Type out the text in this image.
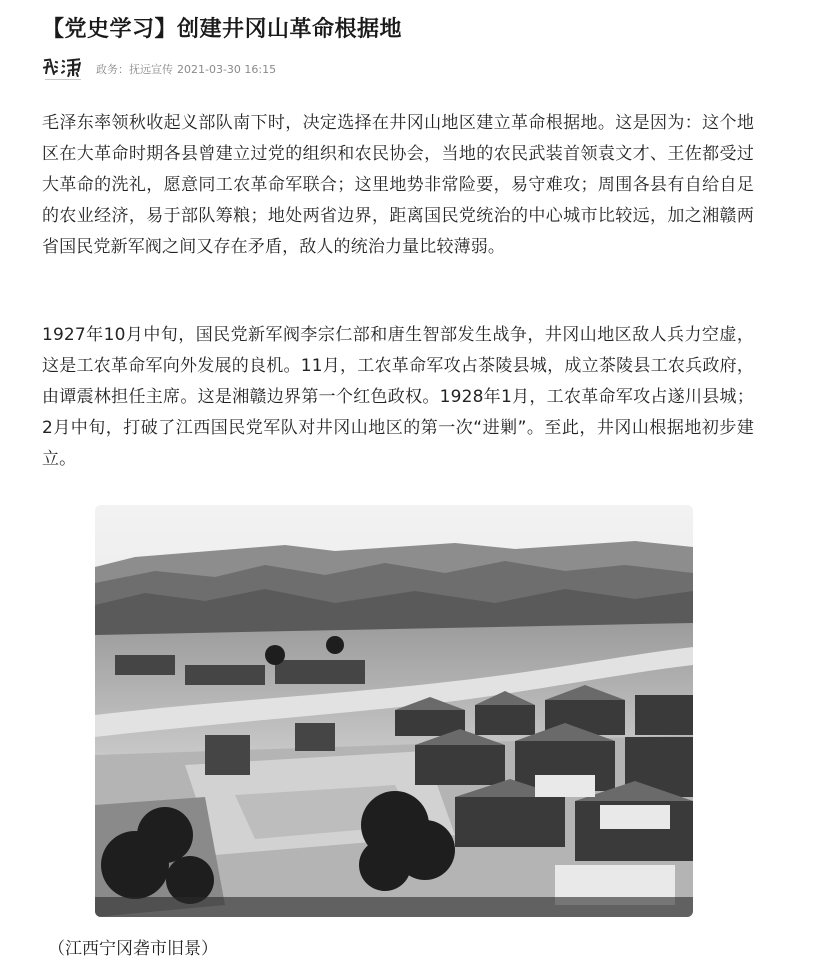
【党史学习】创建井冈山革命根据地
政务：抚远宣传 2021-03-30 16:15

毛泽东率领秋收起义部队南下时，决定选择在井冈山地区建立革命根据地。这是因为：这个地区在大革命时期各县曾建立过党的组织和农民协会，当地的农民武装首领袁文才、王佐都受过大革命的洗礼，愿意同工农革命军联合；这里地势非常险要，易守难攻；周围各县有自给自足的农业经济，易于部队筹粮；地处两省边界，距离国民党统治的中心城市比较远，加之湘赣两省国民党新军阀之间又存在矛盾，敌人的统治力量比较薄弱。

1927年10月中旬，国民党新军阀李宗仁部和唐生智部发生战争，井冈山地区敌人兵力空虚，这是工农革命军向外发展的良机。11月，工农革命军攻占茶陵县城，成立茶陵县工农兵政府，由谭震林担任主席。这是湘赣边界第一个红色政权。1928年1月，工农革命军攻占遂川县城；2月中旬，打破了江西国民党军队对井冈山地区的第一次“进剿”。至此，井冈山根据地初步建立。

（江西宁冈砻市旧景）
